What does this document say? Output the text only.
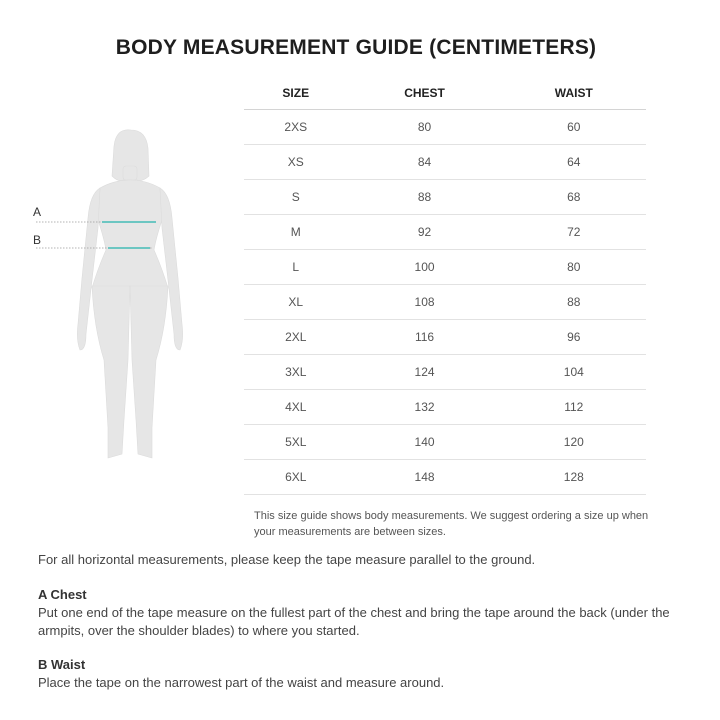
BODY MEASUREMENT GUIDE (CENTIMETERS)
A
B
SIZE	CHEST	WAIST
2XS	80	60
XS	84	64
S	88	68
M	92	72
L	100	80
XL	108	88
2XL	116	96
3XL	124	104
4XL	132	112
5XL	140	120
6XL	148	128
This size guide shows body measurements. We suggest ordering a size up when your measurements are between sizes.
For all horizontal measurements, please keep the tape measure parallel to the ground.
A Chest
Put one end of the tape measure on the fullest part of the chest and bring the tape around the back (under the armpits, over the shoulder blades) to where you started.
B Waist
Place the tape on the narrowest part of the waist and measure around.
